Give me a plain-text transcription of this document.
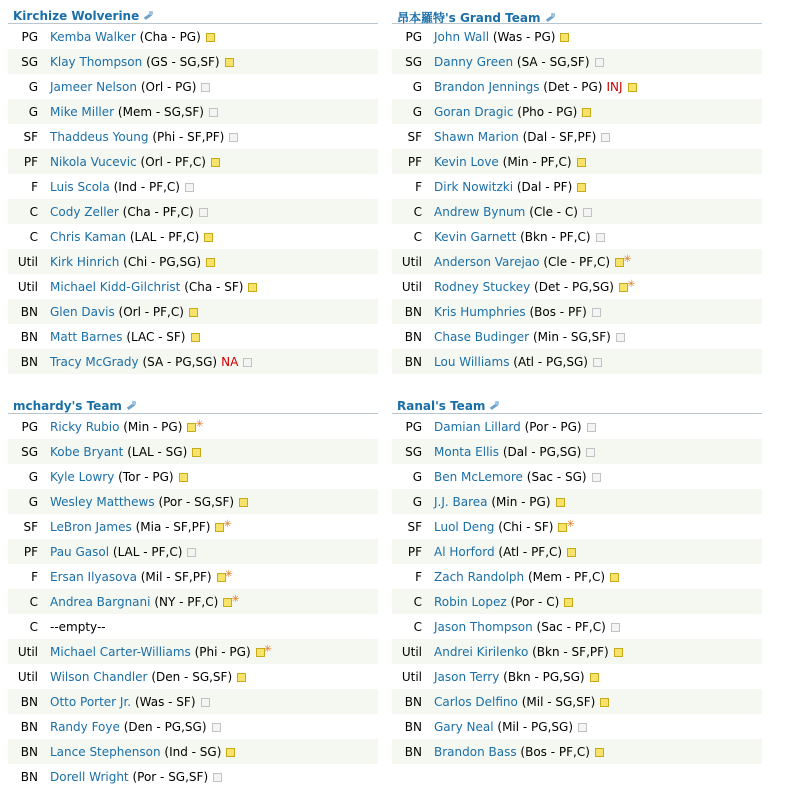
Kirchize Wolverine
PG Kemba Walker (Cha - PG)
SG Klay Thompson (GS - SG,SF)
G Jameer Nelson (Orl - PG)
G Mike Miller (Mem - SG,SF)
SF Thaddeus Young (Phi - SF,PF)
PF Nikola Vucevic (Orl - PF,C)
F Luis Scola (Ind - PF,C)
C Cody Zeller (Cha - PF,C)
C Chris Kaman (LAL - PF,C)
Util Kirk Hinrich (Chi - PG,SG)
Util Michael Kidd-Gilchrist (Cha - SF)
BN Glen Davis (Orl - PF,C)
BN Matt Barnes (LAC - SF)
BN Tracy McGrady (SA - PG,SG) NA
昂本羅特's Grand Team
PG John Wall (Was - PG)
SG Danny Green (SA - SG,SF)
G Brandon Jennings (Det - PG) INJ
G Goran Dragic (Pho - PG)
SF Shawn Marion (Dal - SF,PF)
PF Kevin Love (Min - PF,C)
F Dirk Nowitzki (Dal - PF)
C Andrew Bynum (Cle - C)
C Kevin Garnett (Bkn - PF,C)
Util Anderson Varejao (Cle - PF,C)✳
Util Rodney Stuckey (Det - PG,SG)✳
BN Kris Humphries (Bos - PF)
BN Chase Budinger (Min - SG,SF)
BN Lou Williams (Atl - PG,SG)
mchardy's Team
PG Ricky Rubio (Min - PG)✳
SG Kobe Bryant (LAL - SG)
G Kyle Lowry (Tor - PG)
G Wesley Matthews (Por - SG,SF)
SF LeBron James (Mia - SF,PF)✳
PF Pau Gasol (LAL - PF,C)
F Ersan Ilyasova (Mil - SF,PF)✳
C Andrea Bargnani (NY - PF,C)✳
C --empty--
Util Michael Carter-Williams (Phi - PG)✳
Util Wilson Chandler (Den - SG,SF)
BN Otto Porter Jr. (Was - SF)
BN Randy Foye (Den - PG,SG)
BN Lance Stephenson (Ind - SG)
BN Dorell Wright (Por - SG,SF)
Ranal's Team
PG Damian Lillard (Por - PG)
SG Monta Ellis (Dal - PG,SG)
G Ben McLemore (Sac - SG)
G J.J. Barea (Min - PG)
SF Luol Deng (Chi - SF)✳
PF Al Horford (Atl - PF,C)
F Zach Randolph (Mem - PF,C)
C Robin Lopez (Por - C)
C Jason Thompson (Sac - PF,C)
Util Andrei Kirilenko (Bkn - SF,PF)
Util Jason Terry (Bkn - PG,SG)
BN Carlos Delfino (Mil - SG,SF)
BN Gary Neal (Mil - PG,SG)
BN Brandon Bass (Bos - PF,C)
